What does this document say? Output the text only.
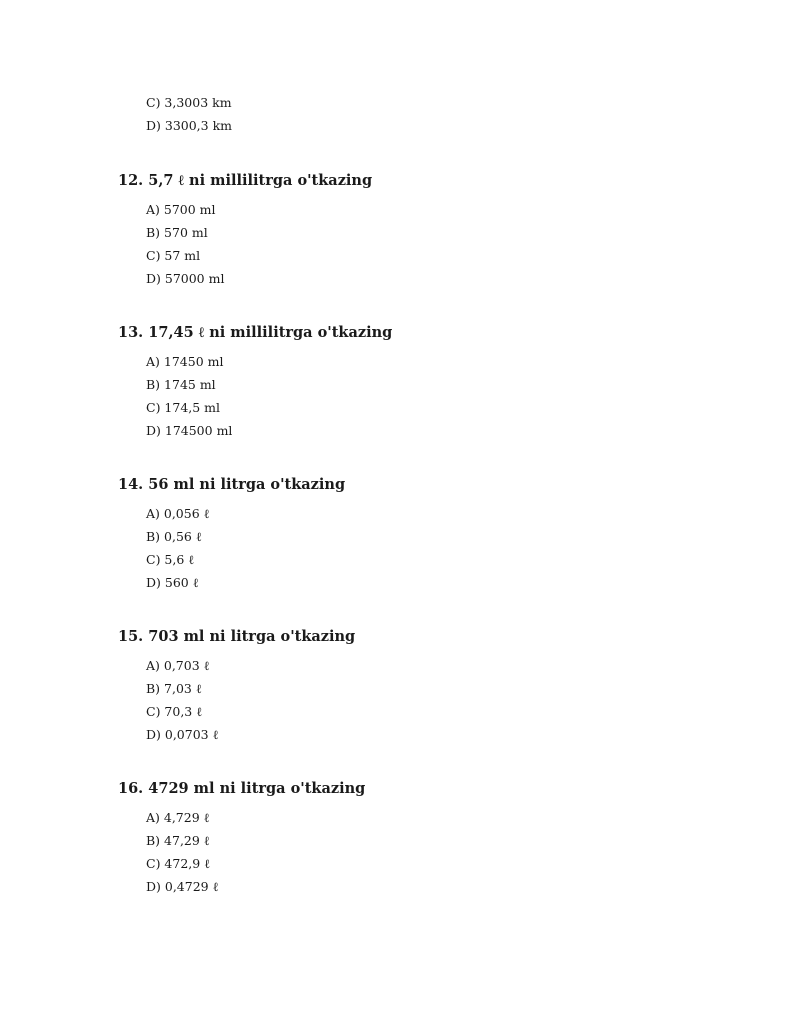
C) 3,3003 km
D) 3300,3 km

12. 5,7 ℓ ni millilitrga o'tkazing

A) 5700 ml
B) 570 ml
C) 57 ml
D) 57000 ml

13. 17,45 ℓ ni millilitrga o'tkazing

A) 17450 ml
B) 1745 ml
C) 174,5 ml
D) 174500 ml

14. 56 ml ni litrga o'tkazing

A) 0,056 ℓ
B) 0,56 ℓ
C) 5,6 ℓ
D) 560 ℓ

15. 703 ml ni litrga o'tkazing

A) 0,703 ℓ
B) 7,03 ℓ
C) 70,3 ℓ
D) 0,0703 ℓ

16. 4729 ml ni litrga o'tkazing

A) 4,729 ℓ
B) 47,29 ℓ
C) 472,9 ℓ
D) 0,4729 ℓ
